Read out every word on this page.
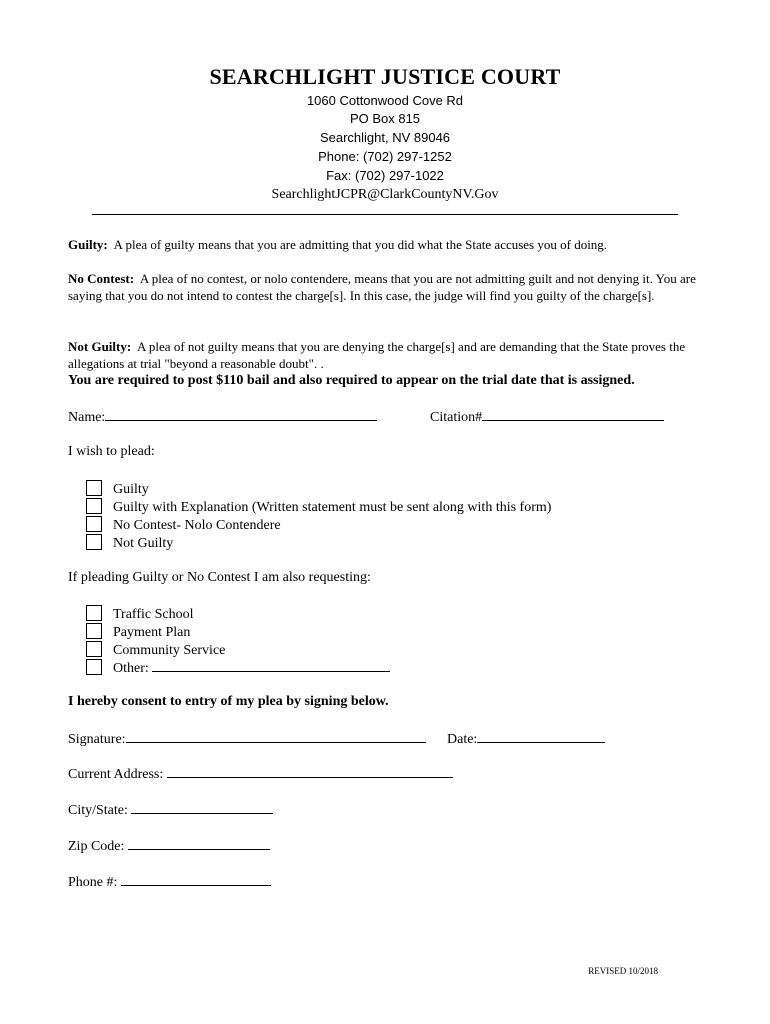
SEARCHLIGHT JUSTICE COURT
1060 Cottonwood Cove Rd
PO Box 815
Searchlight, NV 89046
Phone: (702) 297-1252
Fax: (702) 297-1022
SearchlightJCPR@ClarkCountyNV.Gov
Guilty: A plea of guilty means that you are admitting that you did what the State accuses you of doing.
No Contest: A plea of no contest, or nolo contendere, means that you are not admitting guilt and not denying it. You are saying that you do not intend to contest the charge[s]. In this case, the judge will find you guilty of the charge[s].
Not Guilty: A plea of not guilty means that you are denying the charge[s] and are demanding that the State proves the allegations at trial "beyond a reasonable doubt". .
You are required to post $110 bail and also required to appear on the trial date that is assigned.
Name:	Citation#
I wish to plead:
Guilty
Guilty with Explanation (Written statement must be sent along with this form)
No Contest- Nolo Contendere
Not Guilty
If pleading Guilty or No Contest I am also requesting:
Traffic School
Payment Plan
Community Service
Other:
I hereby consent to entry of my plea by signing below.
Signature:	Date:
Current Address:
City/State:
Zip Code:
Phone #:
REVISED 10/2018
